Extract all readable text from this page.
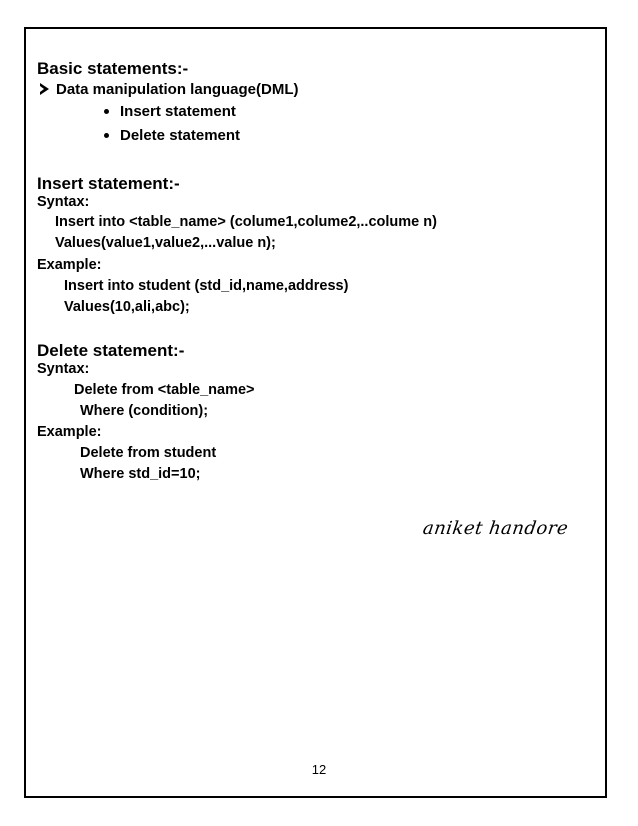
Basic statements:-
Data manipulation language(DML)
Insert statement
Delete statement
Insert statement:-
Syntax:
Insert into <table_name> (colume1,colume2,..colume n)
Values(value1,value2,...value n);
Example:
Insert into student (std_id,name,address)
Values(10,ali,abc);
Delete statement:-
Syntax:
Delete from <table_name>
Where (condition);
Example:
Delete from student
Where std_id=10;
aniket handore
12
